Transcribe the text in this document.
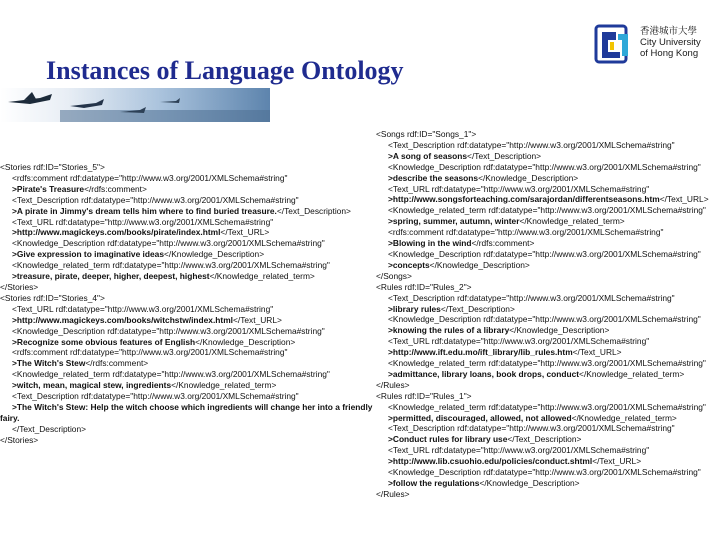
Instances of Language Ontology
香港城市大學
City University
of Hong Kong
<Stories rdf:ID="Stories_5">
<rdfs:comment rdf:datatype="http://www.w3.org/2001/XMLSchema#string"
>Pirate's Treasure</rdfs:comment>
<Text_Description rdf:datatype="http://www.w3.org/2001/XMLSchema#string"
>A pirate in Jimmy's dream tells him where to find buried treasure.</Text_Description>
<Text_URL rdf:datatype="http://www.w3.org/2001/XMLSchema#string"
>http://www.magickeys.com/books/pirate/index.html</Text_URL>
<Knowledge_Description rdf:datatype="http://www.w3.org/2001/XMLSchema#string"
>Give expression to imaginative ideas</Knowledge_Description>
<Knowledge_related_term rdf:datatype="http://www.w3.org/2001/XMLSchema#string"
>treasure, pirate, deeper, higher, deepest, highest</Knowledge_related_term>
</Stories>
<Stories rdf:ID="Stories_4">
<Text_URL rdf:datatype="http://www.w3.org/2001/XMLSchema#string"
>http://www.magickeys.com/books/witchstw/index.html</Text_URL>
<Knowledge_Description rdf:datatype="http://www.w3.org/2001/XMLSchema#string"
>Recognize some obvious features of English</Knowledge_Description>
<rdfs:comment rdf:datatype="http://www.w3.org/2001/XMLSchema#string"
>The Witch's Stew</rdfs:comment>
<Knowledge_related_term rdf:datatype="http://www.w3.org/2001/XMLSchema#string"
>witch, mean, magical stew, ingredients</Knowledge_related_term>
<Text_Description rdf:datatype="http://www.w3.org/2001/XMLSchema#string"
>The Witch's Stew: Help the witch choose which ingredients will change her into a friendly
fairy.
</Text_Description>
</Stories>
<Songs rdf:ID="Songs_1">
<Text_Description rdf:datatype="http://www.w3.org/2001/XMLSchema#string"
>A song of seasons</Text_Description>
<Knowledge_Description rdf:datatype="http://www.w3.org/2001/XMLSchema#string"
>describe the seasons</Knowledge_Description>
<Text_URL rdf:datatype="http://www.w3.org/2001/XMLSchema#string"
>http://www.songsforteaching.com/sarajordan/differentseasons.htm</Text_URL>
<Knowledge_related_term rdf:datatype="http://www.w3.org/2001/XMLSchema#string"
>spring, summer, autumn, winter</Knowledge_related_term>
<rdfs:comment rdf:datatype="http://www.w3.org/2001/XMLSchema#string"
>Blowing in the wind</rdfs:comment>
<Knowledge_Description rdf:datatype="http://www.w3.org/2001/XMLSchema#string"
>concepts</Knowledge_Description>
</Songs>
<Rules rdf:ID="Rules_2">
<Text_Description rdf:datatype="http://www.w3.org/2001/XMLSchema#string"
>library rules</Text_Description>
<Knowledge_Description rdf:datatype="http://www.w3.org/2001/XMLSchema#string"
>knowing the rules of a library</Knowledge_Description>
<Text_URL rdf:datatype="http://www.w3.org/2001/XMLSchema#string"
>http://www.ift.edu.mo/ift_library/lib_rules.htm</Text_URL>
<Knowledge_related_term rdf:datatype="http://www.w3.org/2001/XMLSchema#string"
>admittance, library loans, book drops, conduct</Knowledge_related_term>
</Rules>
<Rules rdf:ID="Rules_1">
<Knowledge_related_term rdf:datatype="http://www.w3.org/2001/XMLSchema#string"
>permitted, discouraged, allowed, not allowed</Knowledge_related_term>
<Text_Description rdf:datatype="http://www.w3.org/2001/XMLSchema#string"
>Conduct rules for library use</Text_Description>
<Text_URL rdf:datatype="http://www.w3.org/2001/XMLSchema#string"
>http://www.lib.csuohio.edu/policies/conduct.shtml</Text_URL>
<Knowledge_Description rdf:datatype="http://www.w3.org/2001/XMLSchema#string"
>follow the regulations</Knowledge_Description>
</Rules>
